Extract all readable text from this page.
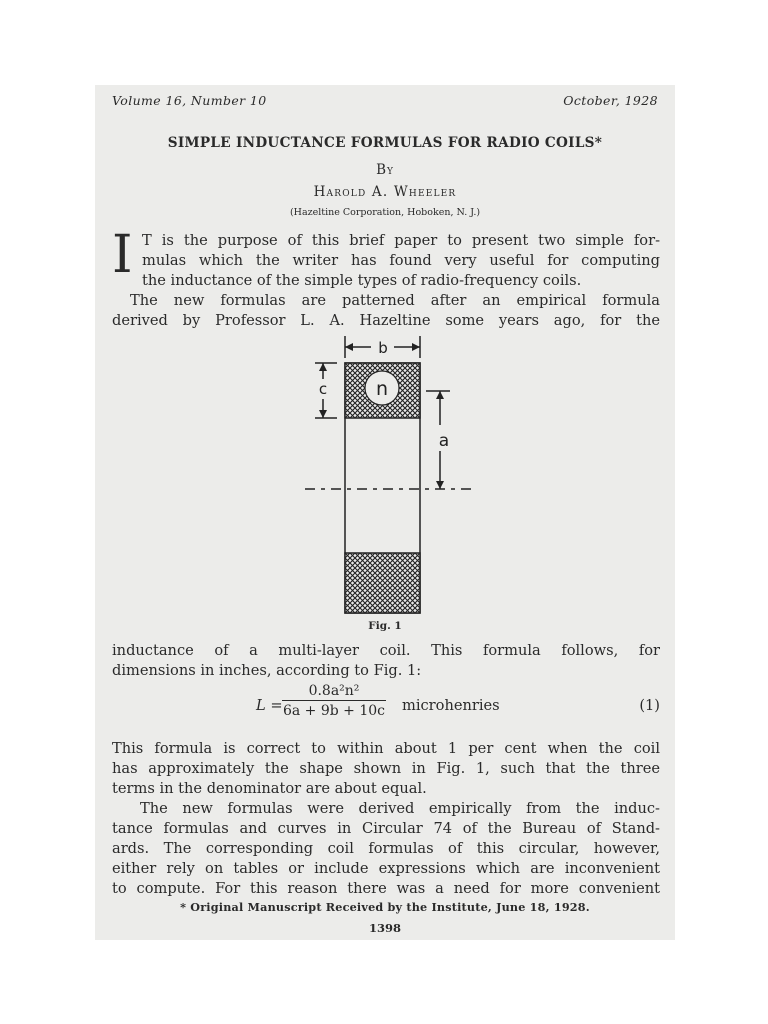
Volume 16, Number 10	October, 1928
SIMPLE INDUCTANCE FORMULAS FOR RADIO COILS*
By
Harold A. Wheeler
(Hazeltine Corporation, Hoboken, N. J.)
I T is the purpose of this brief paper to present two simple for-
mulas which the writer has found very useful for computing
the inductance of the simple types of radio-frequency coils.
The new formulas are patterned after an empirical formula
derived by Professor L. A. Hazeltine some years ago, for the

b
c	n
a
Fig. 1

inductance of a multi-layer coil. This formula follows, for
dimensions in inches, according to Fig. 1:

L =
0.8a²n²
6a + 9b + 10c microhenries	(1)

This formula is correct to within about 1 per cent when the coil
has approximately the shape shown in Fig. 1, such that the three
terms in the denominator are about equal.
The new formulas were derived empirically from the induc-
tance formulas and curves in Circular 74 of the Bureau of Stand-
ards. The corresponding coil formulas of this circular, however,
either rely on tables or include expressions which are inconvenient
to compute. For this reason there was a need for more convenient

* Original Manuscript Received by the Institute, June 18, 1928.
1398
